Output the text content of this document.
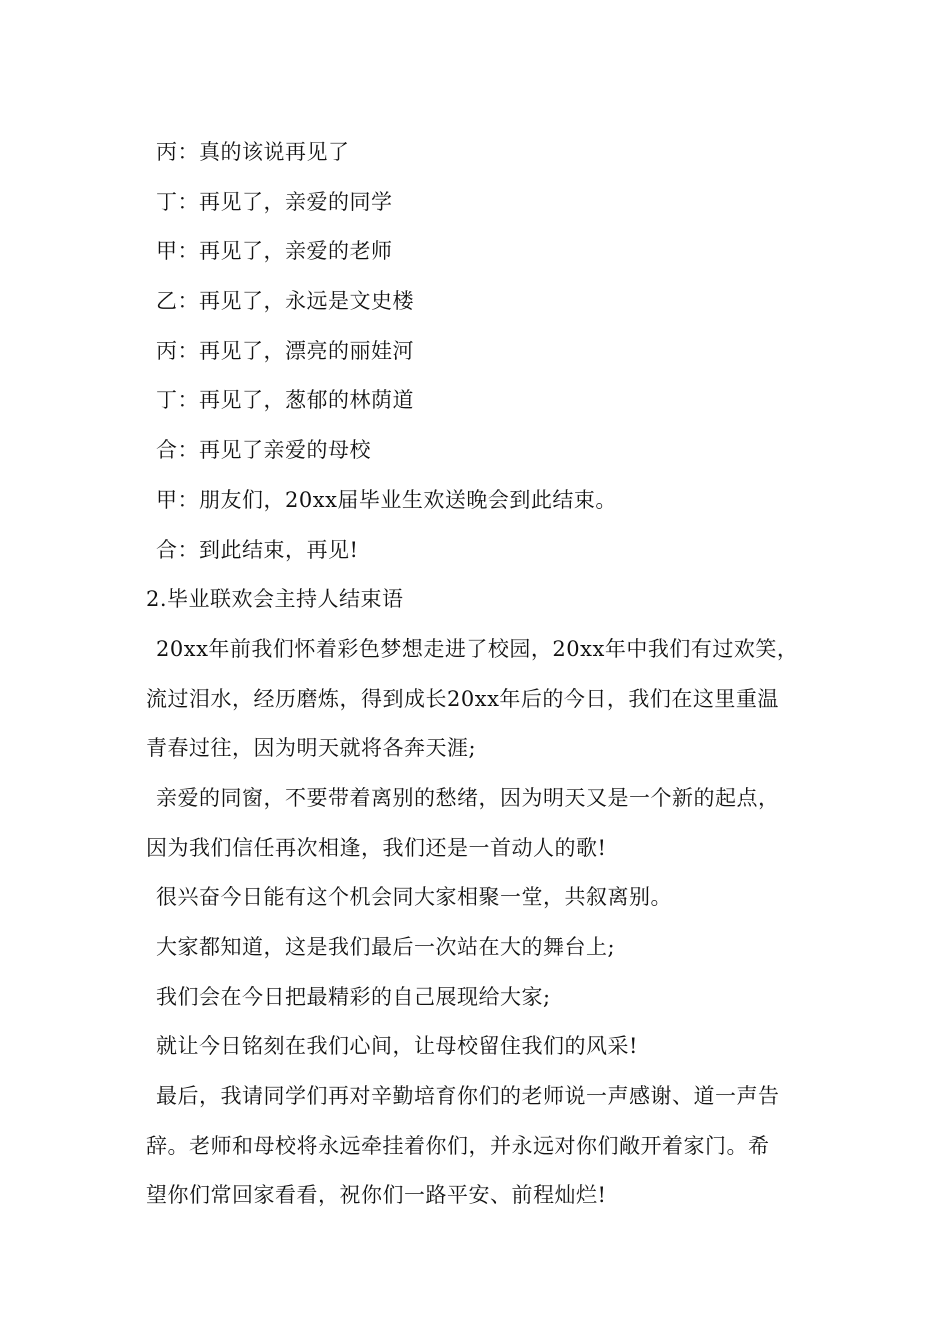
丙：真的该说再见了
丁：再见了，亲爱的同学
甲：再见了，亲爱的老师
乙：再见了，永远是文史楼
丙：再见了，漂亮的丽娃河
丁：再见了，葱郁的林荫道
合：再见了亲爱的母校
甲：朋友们，20xx届毕业生欢送晚会到此结束。
合：到此结束，再见!
2.毕业联欢会主持人结束语
20xx年前我们怀着彩色梦想走进了校园，20xx年中我们有过欢笑，
流过泪水，经历磨炼，得到成长20xx年后的今日，我们在这里重温
青春过往，因为明天就将各奔天涯;
亲爱的同窗，不要带着离别的愁绪，因为明天又是一个新的起点，
因为我们信任再次相逢，我们还是一首动人的歌!
很兴奋今日能有这个机会同大家相聚一堂，共叙离别。
大家都知道，这是我们最后一次站在大的舞台上;
我们会在今日把最精彩的自己展现给大家;
就让今日铭刻在我们心间，让母校留住我们的风采!
最后，我请同学们再对辛勤培育你们的老师说一声感谢、道一声告
辞。老师和母校将永远牵挂着你们，并永远对你们敞开着家门。希
望你们常回家看看，祝你们一路平安、前程灿烂!
